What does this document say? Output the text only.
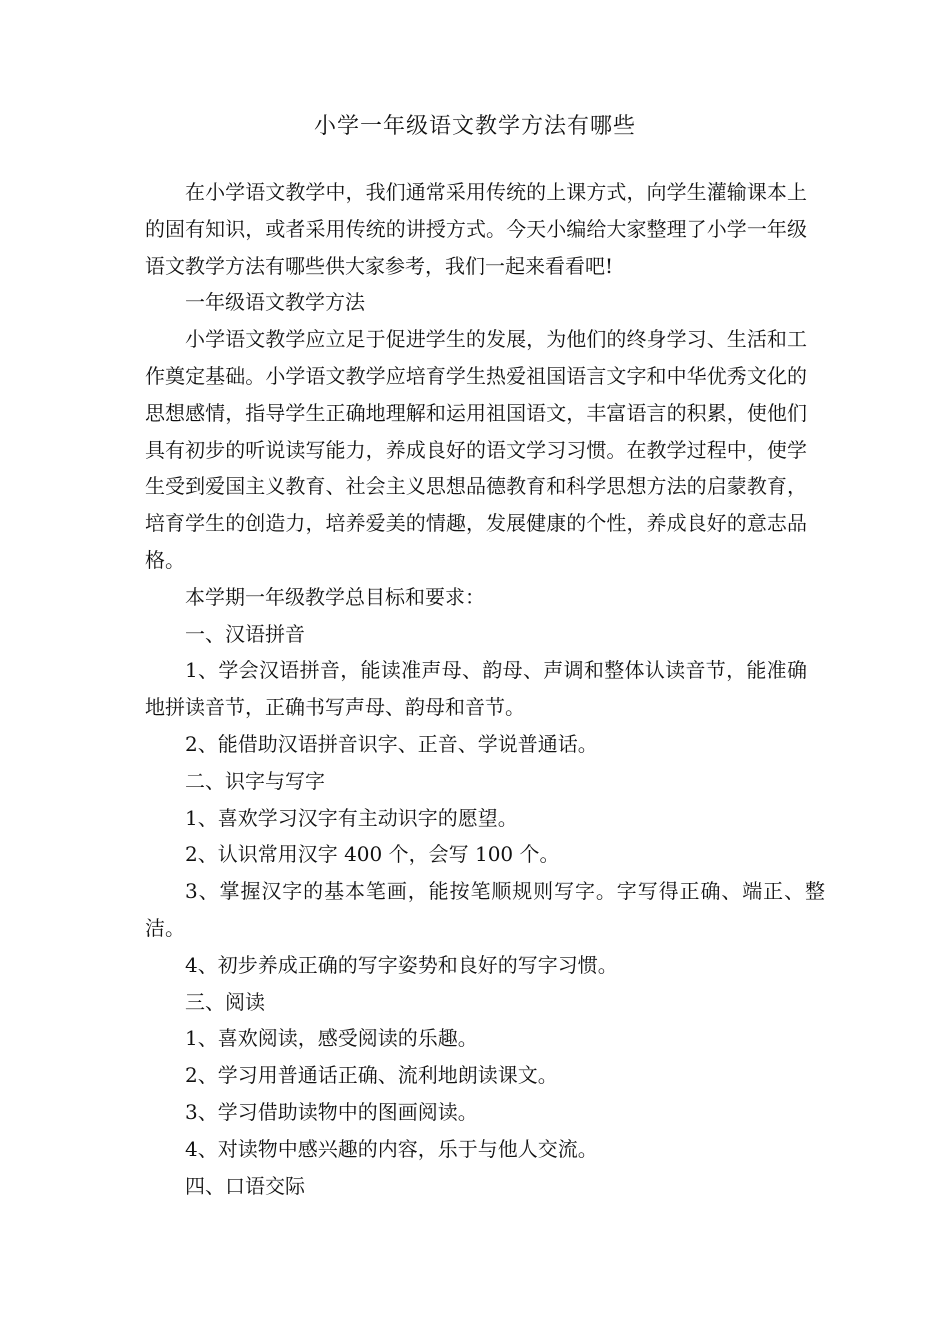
小学一年级语文教学方法有哪些

在小学语文教学中，我们通常采用传统的上课方式，向学生灌输课本上的固有知识，或者采用传统的讲授方式。今天小编给大家整理了小学一年级语文教学方法有哪些供大家参考，我们一起来看看吧!

一年级语文教学方法

小学语文教学应立足于促进学生的发展，为他们的终身学习、生活和工作奠定基础。小学语文教学应培育学生热爱祖国语言文字和中华优秀文化的思想感情，指导学生正确地理解和运用祖国语文，丰富语言的积累，使他们具有初步的听说读写能力，养成良好的语文学习习惯。在教学过程中，使学生受到爱国主义教育、社会主义思想品德教育和科学思想方法的启蒙教育，培育学生的创造力，培养爱美的情趣，发展健康的个性，养成良好的意志品格。

本学期一年级教学总目标和要求：

一、汉语拼音

1、学会汉语拼音，能读准声母、韵母、声调和整体认读音节，能准确地拼读音节，正确书写声母、韵母和音节。

2、能借助汉语拼音识字、正音、学说普通话。

二、识字与写字

1、喜欢学习汉字有主动识字的愿望。

2、认识常用汉字 400 个，会写 100 个。

3、掌握汉字的基本笔画，能按笔顺规则写字。字写得正确、端正、整洁。

4、初步养成正确的写字姿势和良好的写字习惯。

三、阅读

1、喜欢阅读，感受阅读的乐趣。

2、学习用普通话正确、流利地朗读课文。

3、学习借助读物中的图画阅读。

4、对读物中感兴趣的内容，乐于与他人交流。

四、口语交际
